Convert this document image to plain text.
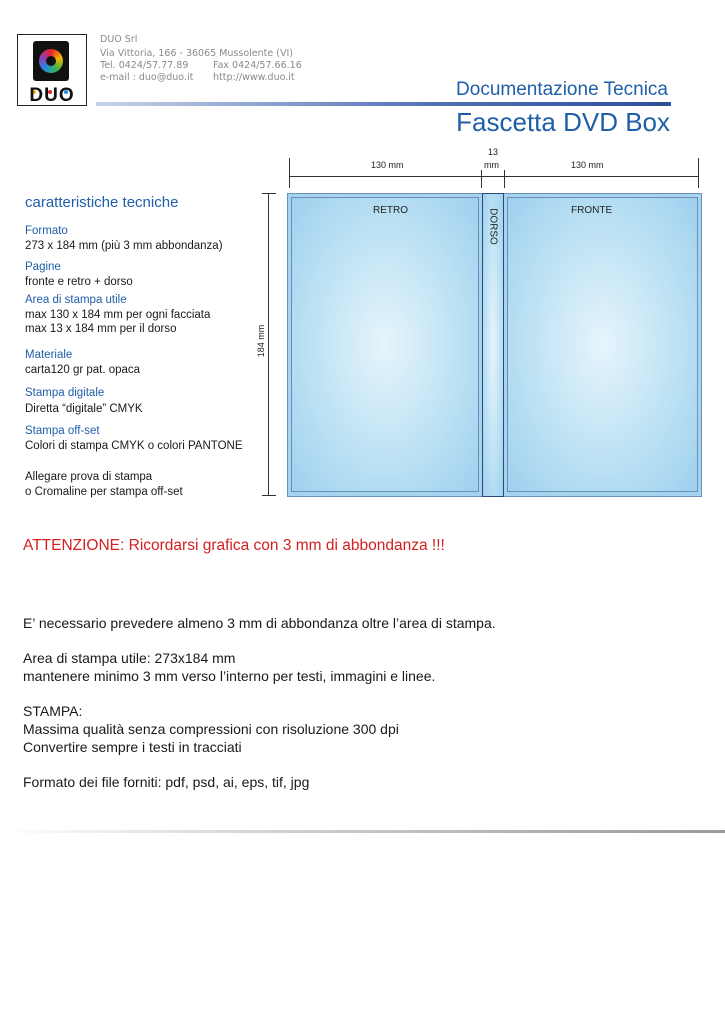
DUO
DUO Srl
Via Vittoria, 166 - 36065 Mussolente (VI)
Tel. 0424/57.77.89	Fax 0424/57.66.16
e-mail : duo@duo.it http://www.duo.it
Documentazione Tecnica
Fascetta DVD Box
caratteristiche tecniche
Formato
273 x 184 mm (più 3 mm abbondanza)
Pagine
fronte e retro + dorso
Area di stampa utile
max 130 x 184 mm per ogni facciata
max 13 x 184 mm per il dorso
Materiale
carta120 gr pat. opaca
Stampa digitale
Diretta “digitale” CMYK
Stampa off-set
Colori di stampa CMYK o colori PANTONE
Allegare prova di stampa
o Cromaline per stampa off-set
130 mm
13
mm	130 mm
184 mm
RETRO	FRONTE
DORSO
ATTENZIONE: Ricordarsi grafica con 3 mm di abbondanza !!!
E’ necessario prevedere almeno 3 mm di abbondanza oltre l’area di stampa.
Area di stampa utile: 273x184 mm
mantenere minimo 3 mm verso l’interno per testi, immagini e linee.
STAMPA:
Massima qualità senza compressioni con risoluzione 300 dpi
Convertire sempre i testi in tracciati
Formato dei file forniti: pdf, psd, ai, eps, tif, jpg
